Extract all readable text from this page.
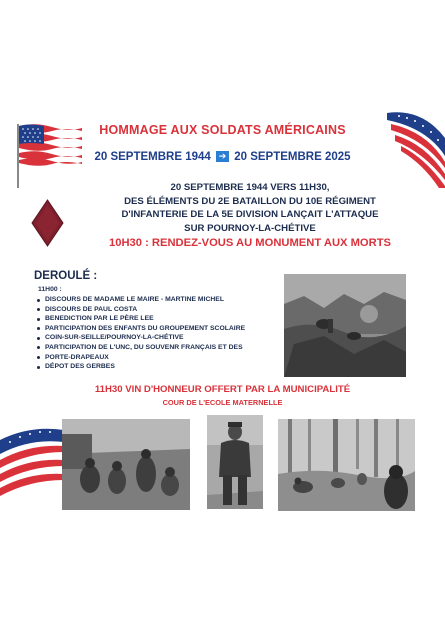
HOMMAGE AUX SOLDATS AMÉRICAINS
20 SEPTEMBRE 1944 ➔ 20 SEPTEMBRE 2025
20 SEPTEMBRE 1944 VERS 11H30,
DES ÉLÉMENTS DU 2E BATAILLON DU 10E RÉGIMENT
D'INFANTERIE DE LA 5E DIVISION LANÇAIT L'ATTAQUE
SUR POURNOY-LA-CHÉTIVE
10H30 : RENDEZ-VOUS AU MONUMENT AUX MORTS
DEROULÉ :
11H00 :
DISCOURS DE MADAME LE MAIRE - MARTINE MICHEL
DISCOURS DE PAUL COSTA
BENEDICTION PAR LE PÈRE LEE
PARTICIPATION DES ENFANTS DU GROUPEMENT SCOLAIRE
COIN-SUR-SEILLE/POURNOY-LA-CHÉTIVE
PARTICIPATION DE L'UNC, DU SOUVENR FRANÇAIS ET DES
PORTE-DRAPEAUX
DÉPOT DES GERBES
11H30 VIN D'HONNEUR OFFERT PAR LA MUNICIPALITÉ
COUR DE L'ECOLE MATERNELLE
